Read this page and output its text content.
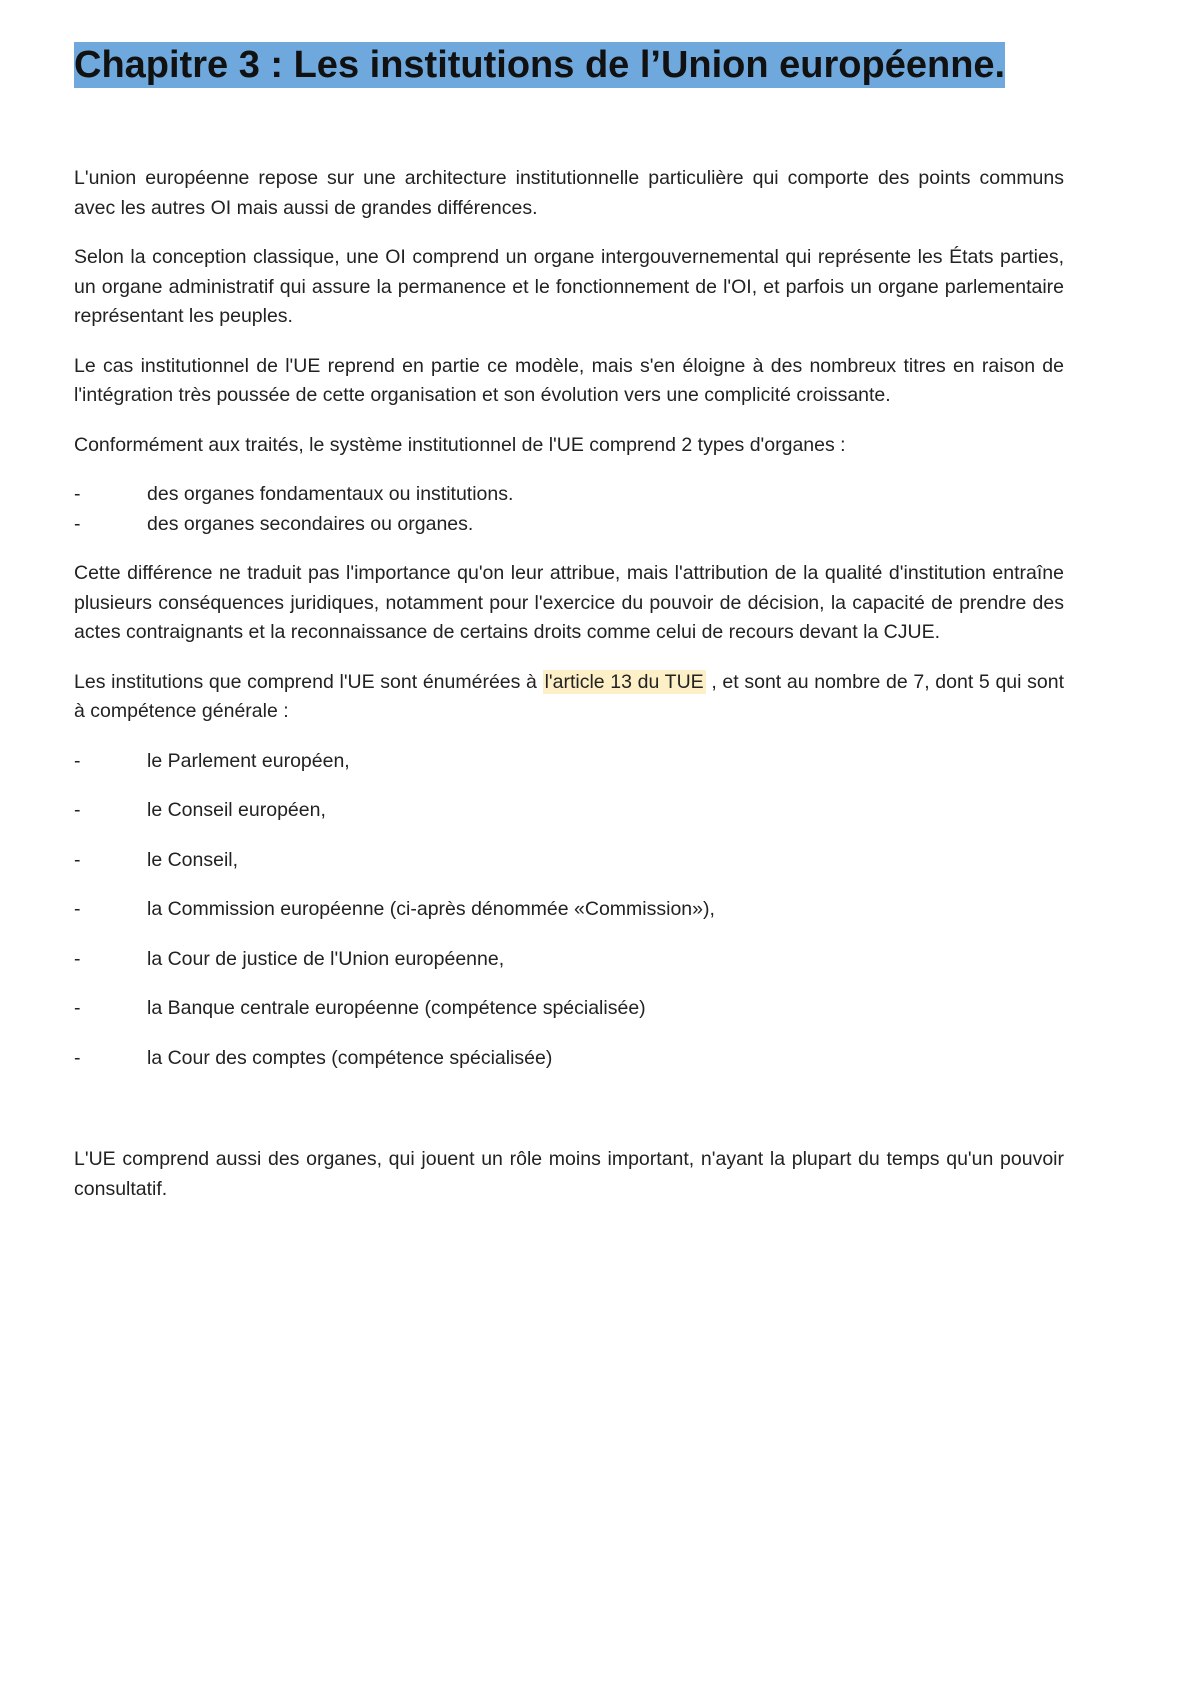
Chapitre 3 : Les institutions de l’Union européenne.

L'union européenne repose sur une architecture institutionnelle particulière qui comporte des points communs avec les autres OI mais aussi de grandes différences.

Selon la conception classique, une OI comprend un organe intergouvernemental qui représente les États parties, un organe administratif qui assure la permanence et le fonctionnement de l'OI, et parfois un organe parlementaire représentant les peuples.

Le cas institutionnel de l'UE reprend en partie ce modèle, mais s'en éloigne à des nombreux titres en raison de l'intégration très poussée de cette organisation et son évolution vers une complicité croissante.

Conformément aux traités, le système institutionnel de l'UE comprend 2 types d'organes :

-	des organes fondamentaux ou institutions.
-	des organes secondaires ou organes.

Cette différence ne traduit pas l'importance qu'on leur attribue, mais l'attribution de la qualité d'institution entraîne plusieurs conséquences juridiques, notamment pour l'exercice du pouvoir de décision, la capacité de prendre des actes contraignants et la reconnaissance de certains droits comme celui de recours devant la CJUE.

Les institutions que comprend l'UE sont énumérées à l'article 13 du TUE , et sont au nombre de 7, dont 5 qui sont à compétence générale :

-	le Parlement européen,
-	le Conseil européen,
-	le Conseil,
-	la Commission européenne (ci-après dénommée «Commission»),
-	la Cour de justice de l'Union européenne,
-	la Banque centrale européenne (compétence spécialisée)
-	la Cour des comptes (compétence spécialisée)

L'UE comprend aussi des organes, qui jouent un rôle moins important, n'ayant la plupart du temps qu'un pouvoir consultatif.
